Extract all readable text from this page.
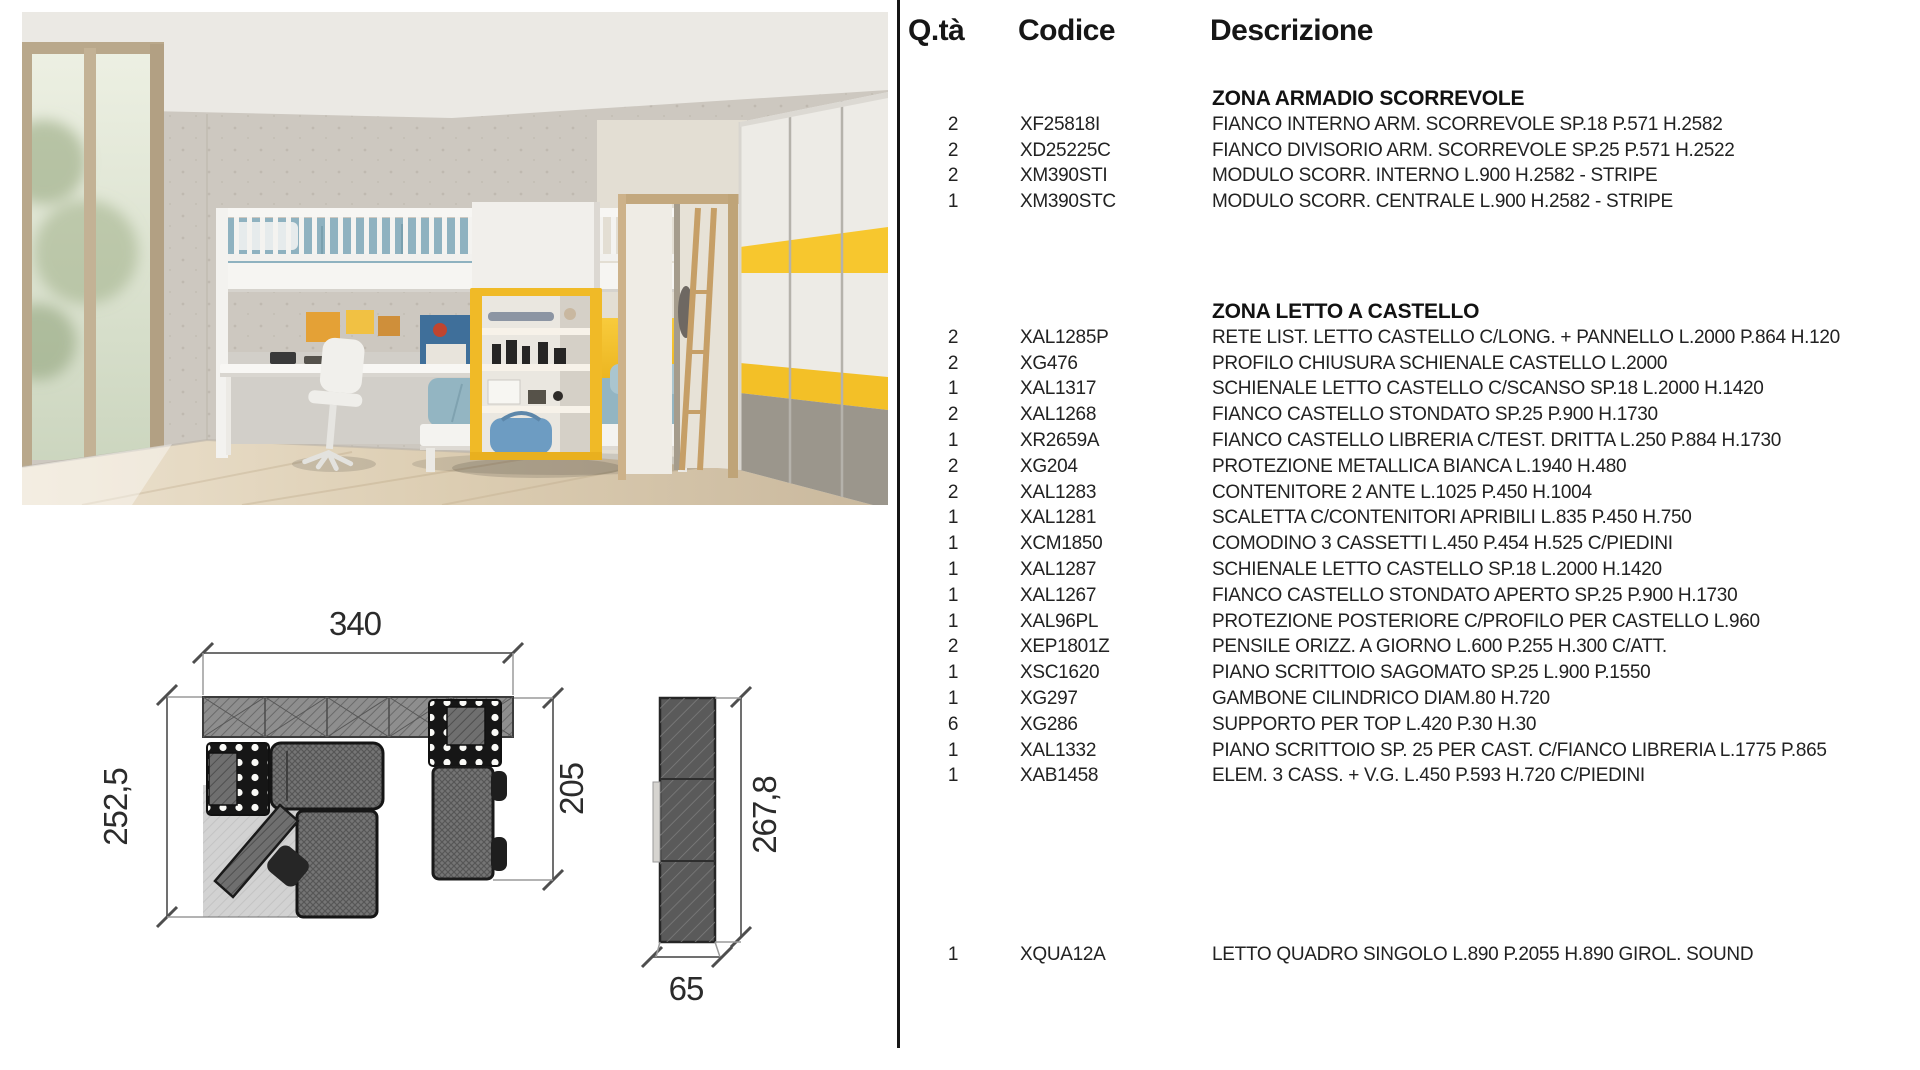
340
252,5	205	267,8
65
Q.tà Codice	Descrizione
ZONA ARMADIO SCORREVOLE
2	XF25818I	FIANCO INTERNO ARM. SCORREVOLE SP.18 P.571 H.2582
2	XD25225C	FIANCO DIVISORIO ARM. SCORREVOLE SP.25 P.571 H.2522
2	XM390STI	MODULO SCORR. INTERNO L.900 H.2582 - STRIPE
1	XM390STC	MODULO SCORR. CENTRALE L.900 H.2582 - STRIPE
ZONA LETTO A CASTELLO
2	XAL1285P	RETE LIST. LETTO CASTELLO C/LONG. + PANNELLO L.2000 P.864 H.120
2	XG476	PROFILO CHIUSURA SCHIENALE CASTELLO L.2000
1	XAL1317	SCHIENALE LETTO CASTELLO C/SCANSO SP.18 L.2000 H.1420
2	XAL1268	FIANCO CASTELLO STONDATO SP.25 P.900 H.1730
1	XR2659A	FIANCO CASTELLO LIBRERIA C/TEST. DRITTA L.250 P.884 H.1730
2	XG204	PROTEZIONE METALLICA BIANCA L.1940 H.480
2	XAL1283	CONTENITORE 2 ANTE L.1025 P.450 H.1004
1	XAL1281	SCALETTA C/CONTENITORI APRIBILI L.835 P.450 H.750
1	XCM1850	COMODINO 3 CASSETTI L.450 P.454 H.525 C/PIEDINI
1	XAL1287	SCHIENALE LETTO CASTELLO SP.18 L.2000 H.1420
1	XAL1267	FIANCO CASTELLO STONDATO APERTO SP.25 P.900 H.1730
1	XAL96PL	PROTEZIONE POSTERIORE C/PROFILO PER CASTELLO L.960
2	XEP1801Z	PENSILE ORIZZ. A GIORNO L.600 P.255 H.300 C/ATT.
1	XSC1620	PIANO SCRITTOIO SAGOMATO SP.25 L.900 P.1550
1	XG297	GAMBONE CILINDRICO DIAM.80 H.720
6	XG286	SUPPORTO PER TOP L.420 P.30 H.30
1	XAL1332	PIANO SCRITTOIO SP. 25 PER CAST. C/FIANCO LIBRERIA L.1775 P.865
1	XAB1458	ELEM. 3 CASS. + V.G. L.450 P.593 H.720 C/PIEDINI
1	XQUA12A	LETTO QUADRO SINGOLO L.890 P.2055 H.890 GIROL. SOUND
